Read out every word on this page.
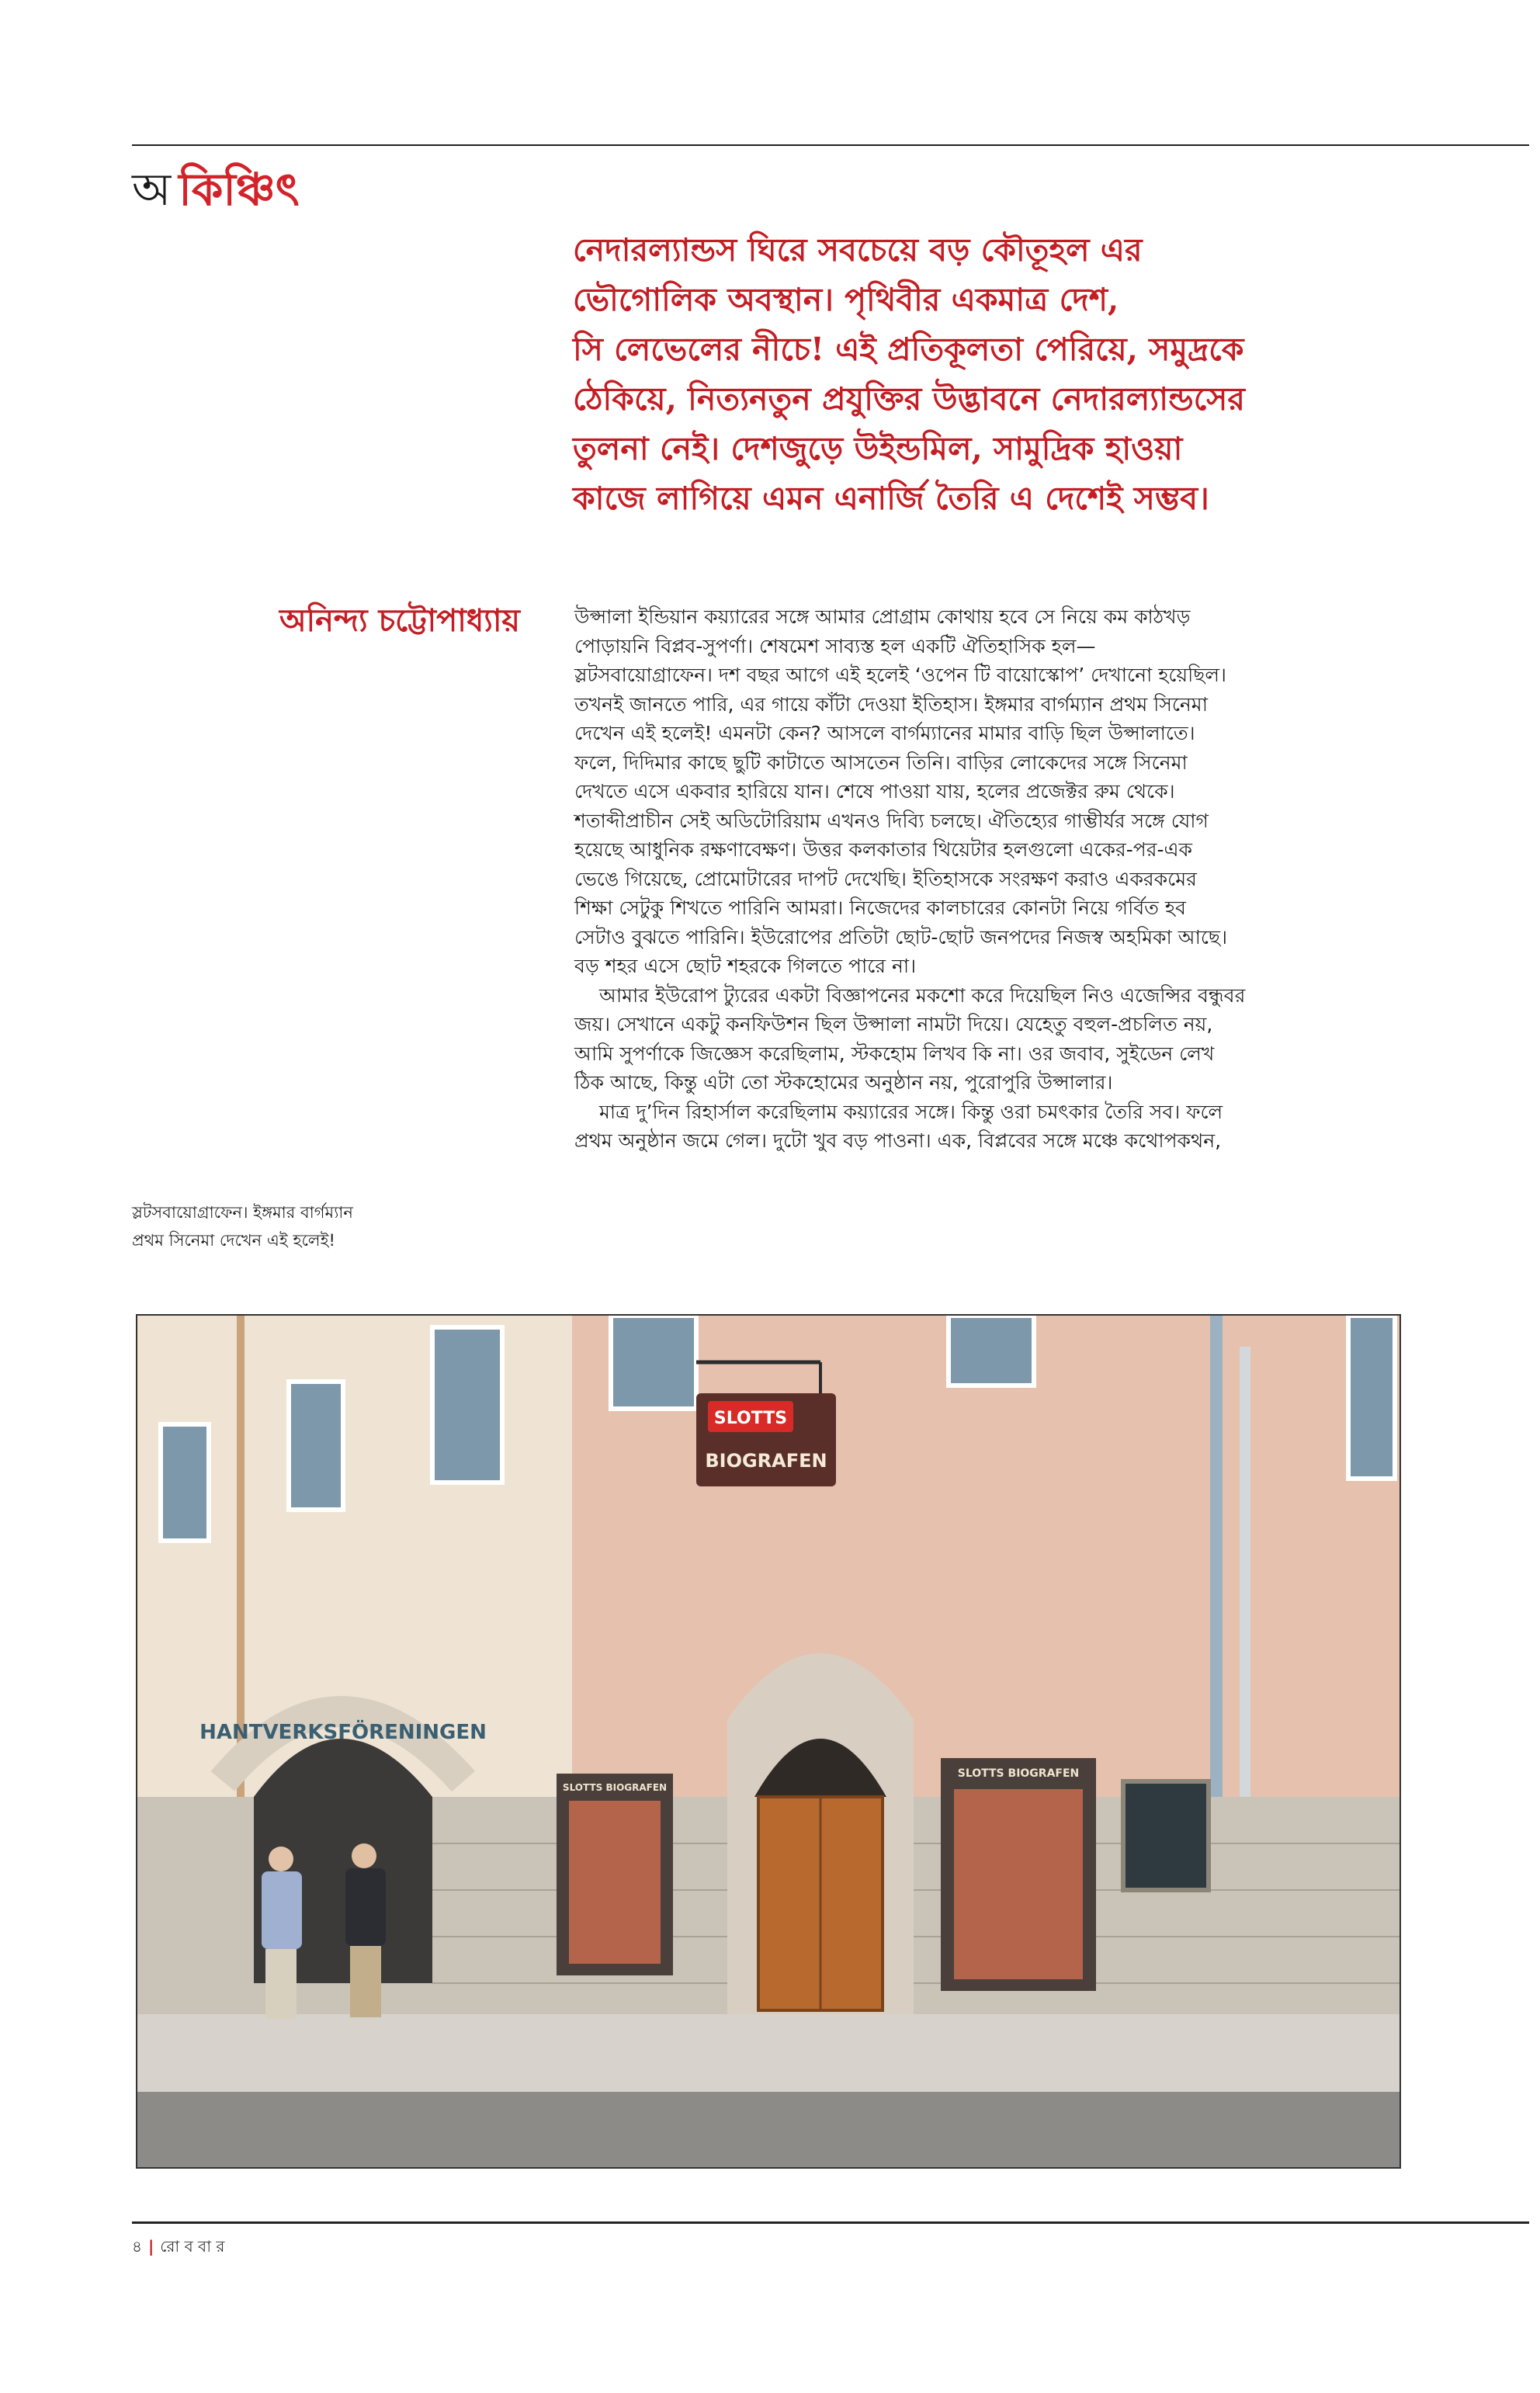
অ কিঞ্চিৎ
নেদারল্যান্ডস ঘিরে সবচেয়ে বড় কৌতূহল এর
ভৌগোলিক অবস্থান। পৃথিবীর একমাত্র দেশ,
সি লেভেলের নীচে! এই প্রতিকূলতা পেরিয়ে, সমুদ্রকে
ঠেকিয়ে, নিত্যনতুন প্রযুক্তির উদ্ভাবনে নেদারল্যান্ডসের
তুলনা নেই। দেশজুড়ে উইন্ডমিল, সামুদ্রিক হাওয়া
কাজে লাগিয়ে এমন এনার্জি তৈরি এ দেশেই সম্ভব।
অনিন্দ্য চট্টোপাধ্যায়	উপ্সালা ইন্ডিয়ান কয়্যারের সঙ্গে আমার প্রোগ্রাম কোথায় হবে সে নিয়ে কম কাঠখড়
পোড়ায়নি বিপ্লব-সুপর্ণা। শেষমেশ সাব্যস্ত হল একটি ঐতিহাসিক হল—
স্লটসবায়োগ্রাফেন। দশ বছর আগে এই হলেই ‘ওপেন টি বায়োস্কোপ’ দেখানো হয়েছিল।
তখনই জানতে পারি, এর গায়ে কাঁটা দেওয়া ইতিহাস। ইঙ্গমার বার্গম্যান প্রথম সিনেমা
দেখেন এই হলেই! এমনটা কেন? আসলে বার্গম্যানের মামার বাড়ি ছিল উপ্সালাতে।
ফলে, দিদিমার কাছে ছুটি কাটাতে আসতেন তিনি। বাড়ির লোকেদের সঙ্গে সিনেমা
দেখতে এসে একবার হারিয়ে যান। শেষে পাওয়া যায়, হলের প্রজেক্টর রুম থেকে।
শতাব্দীপ্রাচীন সেই অডিটোরিয়াম এখনও দিব্যি চলছে। ঐতিহ্যের গাম্ভীর্যর সঙ্গে যোগ
হয়েছে আধুনিক রক্ষণাবেক্ষণ। উত্তর কলকাতার থিয়েটার হলগুলো একের-পর-এক
ভেঙে গিয়েছে, প্রোমোটারের দাপট দেখেছি। ইতিহাসকে সংরক্ষণ করাও একরকমের
শিক্ষা সেটুকু শিখতে পারিনি আমরা। নিজেদের কালচারের কোনটা নিয়ে গর্বিত হব
সেটাও বুঝতে পারিনি। ইউরোপের প্রতিটা ছোট-ছোট জনপদের নিজস্ব অহমিকা আছে।
বড় শহর এসে ছোট শহরকে গিলতে পারে না।
আমার ইউরোপ ট্যুরের একটা বিজ্ঞাপনের মকশো করে দিয়েছিল নিও এজেন্সির বন্ধুবর
জয়। সেখানে একটু কনফিউশন ছিল উপ্সালা নামটা দিয়ে। যেহেতু বহুল-প্রচলিত নয়,
আমি সুপর্ণাকে জিজ্ঞেস করেছিলাম, স্টকহোম লিখব কি না। ওর জবাব, সুইডেন লেখ
ঠিক আছে, কিন্তু এটা তো স্টকহোমের অনুষ্ঠান নয়, পুরোপুরি উপ্সালার।
মাত্র দু’দিন রিহার্সাল করেছিলাম কয়্যারের সঙ্গে। কিন্তু ওরা চমৎকার তৈরি সব। ফলে
প্রথম অনুষ্ঠান জমে গেল। দুটো খুব বড় পাওনা। এক, বিপ্লবের সঙ্গে মঞ্চে কথোপকথন,
স্লটসবায়োগ্রাফেন। ইঙ্গমার বার্গম্যান
প্রথম সিনেমা দেখেন এই হলেই!
HANTVERKSFÖRENINGEN
SLOTTS
BIOGRAFEN
SLOTTS BIOGRAFEN
SLOTTS BIOGRAFEN
৪ | রো ব বা র
